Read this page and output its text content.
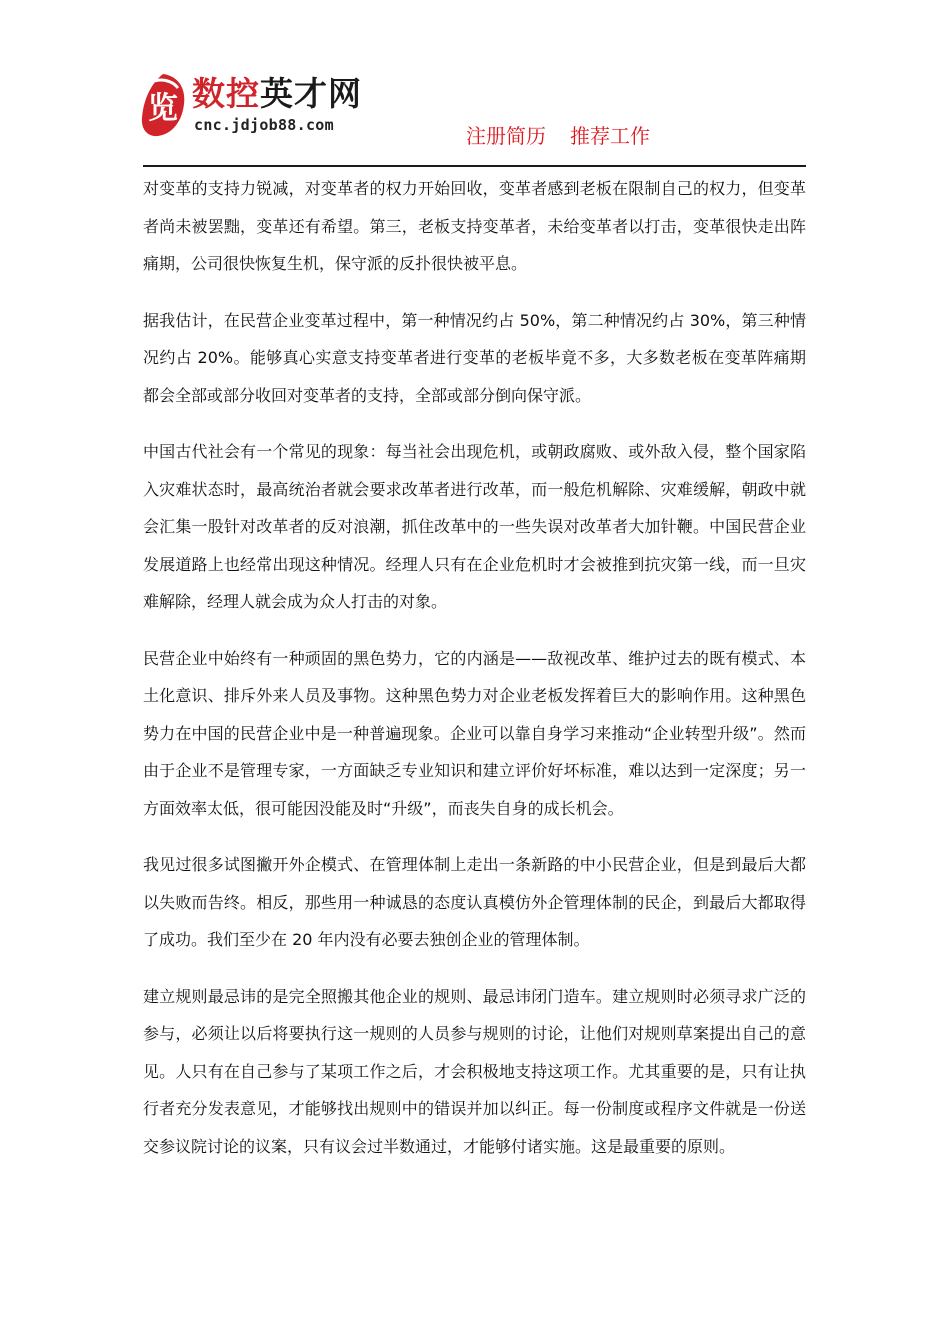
览 数控英才网
cnc.jdjob88.com	注册简历 推荐工作

对变革的支持力锐减，对变革者的权力开始回收，变革者感到老板在限制自己的权力，但变革者尚未被罢黜，变革还有希望。第三，老板支持变革者，未给变革者以打击，变革很快走出阵痛期，公司很快恢复生机，保守派的反扑很快被平息。

据我估计，在民营企业变革过程中，第一种情况约占 50%，第二种情况约占 30%，第三种情况约占 20%。能够真心实意支持变革者进行变革的老板毕竟不多，大多数老板在变革阵痛期都会全部或部分收回对变革者的支持，全部或部分倒向保守派。

中国古代社会有一个常见的现象：每当社会出现危机，或朝政腐败、或外敌入侵，整个国家陷入灾难状态时，最高统治者就会要求改革者进行改革，而一般危机解除、灾难缓解，朝政中就会汇集一股针对改革者的反对浪潮，抓住改革中的一些失误对改革者大加针鞭。中国民营企业发展道路上也经常出现这种情况。经理人只有在企业危机时才会被推到抗灾第一线，而一旦灾难解除，经理人就会成为众人打击的对象。

民营企业中始终有一种顽固的黑色势力，它的内涵是——敌视改革、维护过去的既有模式、本土化意识、排斥外来人员及事物。这种黑色势力对企业老板发挥着巨大的影响作用。这种黑色势力在中国的民营企业中是一种普遍现象。企业可以靠自身学习来推动“企业转型升级”。然而由于企业不是管理专家，一方面缺乏专业知识和建立评价好坏标准，难以达到一定深度；另一方面效率太低，很可能因没能及时“升级”，而丧失自身的成长机会。

我见过很多试图撇开外企模式、在管理体制上走出一条新路的中小民营企业，但是到最后大都以失败而告终。相反，那些用一种诚恳的态度认真模仿外企管理体制的民企，到最后大都取得了成功。我们至少在 20 年内没有必要去独创企业的管理体制。

建立规则最忌讳的是完全照搬其他企业的规则、最忌讳闭门造车。建立规则时必须寻求广泛的参与，必须让以后将要执行这一规则的人员参与规则的讨论，让他们对规则草案提出自己的意见。人只有在自己参与了某项工作之后，才会积极地支持这项工作。尤其重要的是，只有让执行者充分发表意见，才能够找出规则中的错误并加以纠正。每一份制度或程序文件就是一份送交参议院讨论的议案，只有议会过半数通过，才能够付诸实施。这是最重要的原则。
